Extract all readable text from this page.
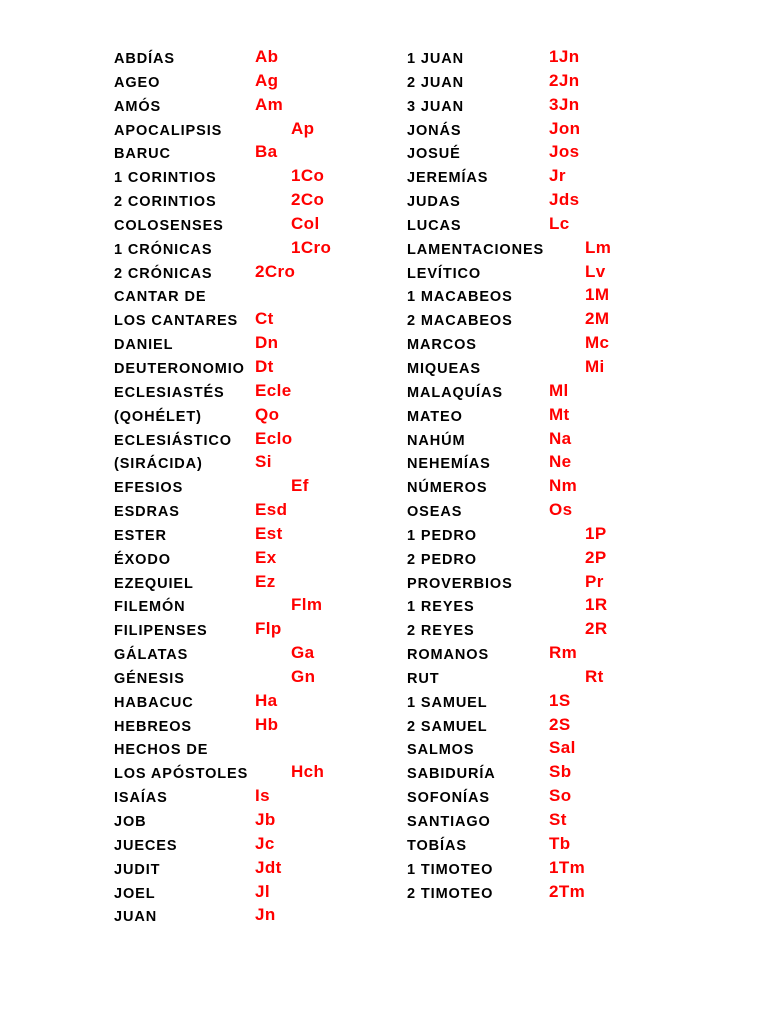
ABDÍAS	Ab
AGEO	Ag
AMÓS	Am
APOCALIPSIS	Ap
BARUC	Ba
1 CORINTIOS	1Co
2 CORINTIOS	2Co
COLOSENSES	Col
1 CRÓNICAS	1Cro
2 CRÓNICAS	2Cro
CANTAR DE
LOS CANTARES Ct
DANIEL	Dn
DEUTERONOMIO Dt
ECLESIASTÉS Ecle
(QOHÉLET)	Qo
ECLESIÁSTICO Eclo
(SIRÁCIDA)	Si
EFESIOS	Ef
ESDRAS	Esd
ESTER	Est
ÉXODO	Ex
EZEQUIEL	Ez
FILEMÓN	Flm
FILIPENSES	Flp
GÁLATAS	Ga
GÉNESIS	Gn
HABACUC	Ha
HEBREOS	Hb
HECHOS DE
LOS APÓSTOLES	Hch
ISAÍAS	Is
JOB	Jb
JUECES	Jc
JUDIT	Jdt
JOEL	Jl
JUAN	Jn
1 JUAN	1Jn
2 JUAN	2Jn
3 JUAN	3Jn
JONÁS	Jon
JOSUÉ	Jos
JEREMÍAS	Jr
JUDAS	Jds
LUCAS	Lc
LAMENTACIONES Lm
LEVÍTICO	Lv
1 MACABEOS	1M
2 MACABEOS	2M
MARCOS	Mc
MIQUEAS	Mi
MALAQUÍAS	Ml
MATEO	Mt
NAHÚM	Na
NEHEMÍAS	Ne
NÚMEROS	Nm
OSEAS	Os
1 PEDRO	1P
2 PEDRO	2P
PROVERBIOS	Pr
1 REYES	1R
2 REYES	2R
ROMANOS	Rm
RUT	Rt
1 SAMUEL	1S
2 SAMUEL	2S
SALMOS	Sal
SABIDURÍA	Sb
SOFONÍAS	So
SANTIAGO	St
TOBÍAS	Tb
1 TIMOTEO	1Tm
2 TIMOTEO	2Tm
